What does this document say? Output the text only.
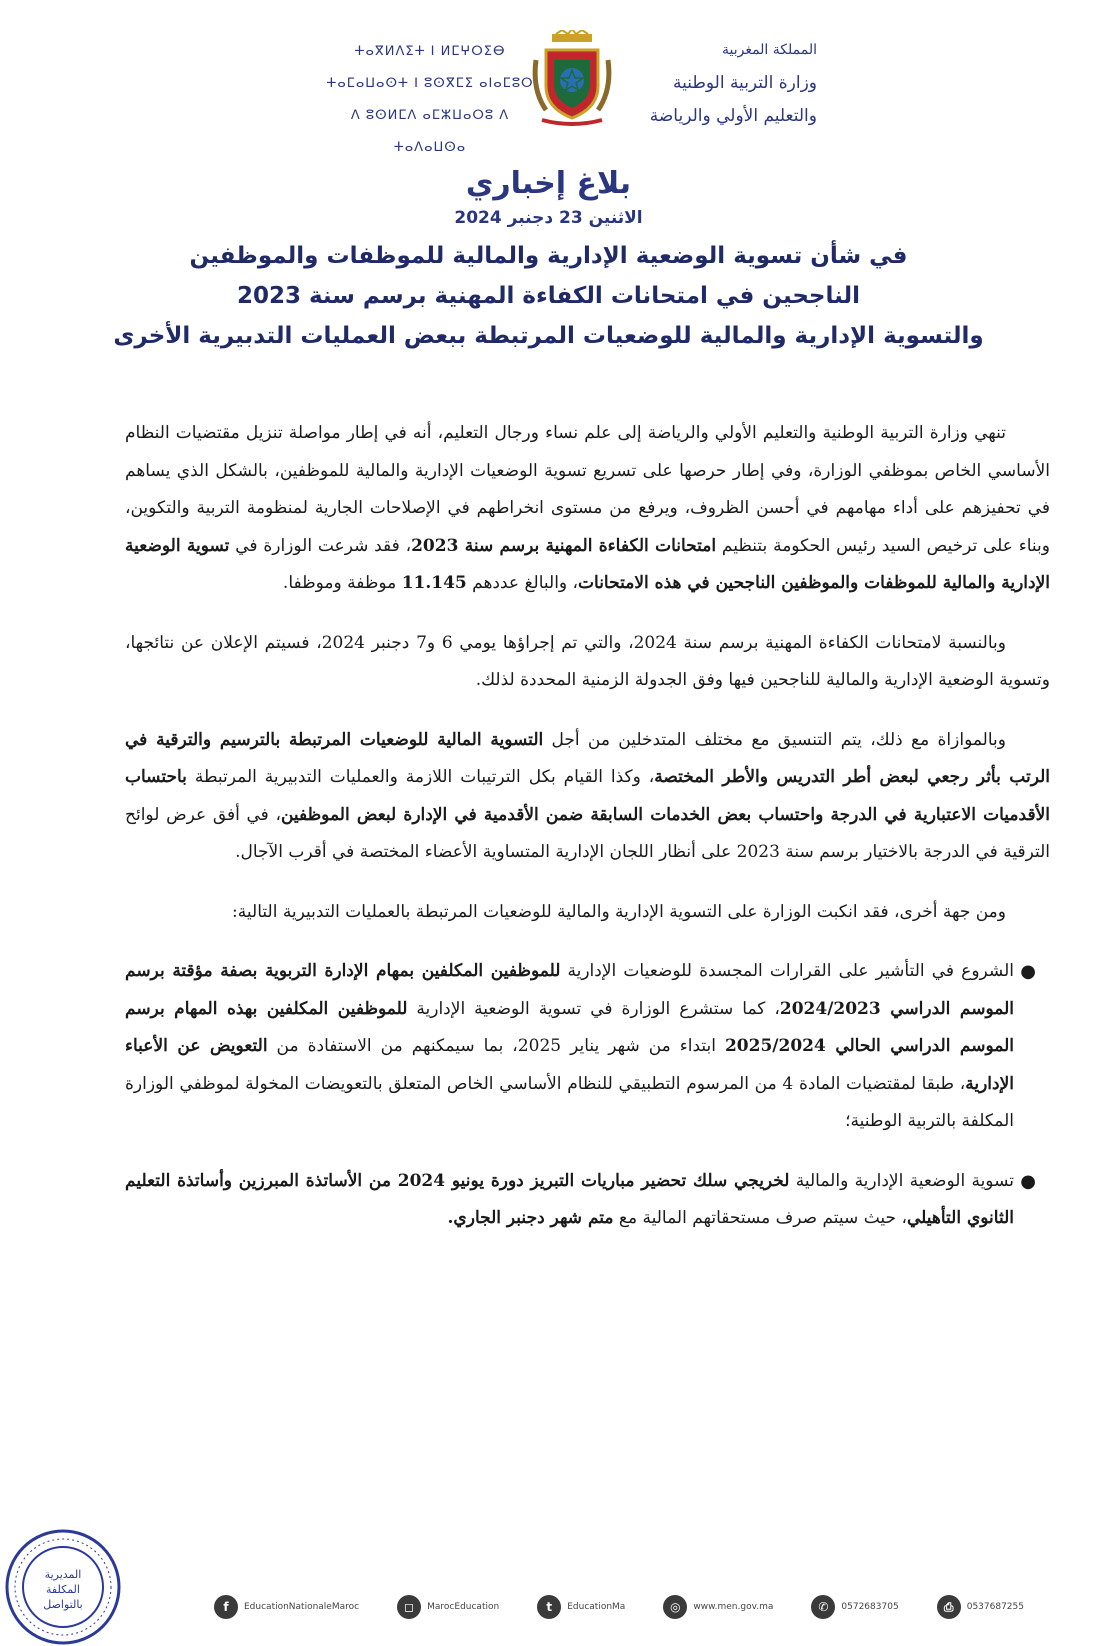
ⵜⴰⴳⵍⴷⵉⵜ ⵏ ⵍⵎⵖⵔⵉⴱ
ⵜⴰⵎⴰⵡⴰⵙⵜ ⵏ ⵓⵙⴳⵎⵉ ⴰⵏⴰⵎⵓⵔ
ⴷ ⵓⵙⵍⵎⴷ ⴰⵎⵣⵡⴰⵔⵓ ⴷ ⵜⴰⴷⴰⵡⵙⴰ
المملكة المغربية
وزارة التربية الوطنية
والتعليم الأولي والرياضة
بلاغ إخباري
الاثنين 23 دجنبر 2024
في شأن تسوية الوضعية الإدارية والمالية للموظفات والموظفين
الناجحين في امتحانات الكفاءة المهنية برسم سنة 2023
والتسوية الإدارية والمالية للوضعيات المرتبطة ببعض العمليات التدبيرية الأخرى

تنهي وزارة التربية الوطنية والتعليم الأولي والرياضة إلى علم نساء ورجال التعليم، أنه في إطار مواصلة تنزيل مقتضيات النظام الأساسي الخاص بموظفي الوزارة، وفي إطار حرصها على تسريع تسوية الوضعيات الإدارية والمالية للموظفين، بالشكل الذي يساهم في تحفيزهم على أداء مهامهم في أحسن الظروف، ويرفع من مستوى انخراطهم في الإصلاحات الجارية لمنظومة التربية والتكوين، وبناء على ترخيص السيد رئيس الحكومة بتنظيم امتحانات الكفاءة المهنية برسم سنة 2023، فقد شرعت الوزارة في تسوية الوضعية الإدارية والمالية للموظفات والموظفين الناجحين في هذه الامتحانات، والبالغ عددهم 11.145 موظفة وموظفا.

وبالنسبة لامتحانات الكفاءة المهنية برسم سنة 2024، والتي تم إجراؤها يومي 6 و7 دجنبر 2024، فسيتم الإعلان عن نتائجها، وتسوية الوضعية الإدارية والمالية للناجحين فيها وفق الجدولة الزمنية المحددة لذلك.

وبالموازاة مع ذلك، يتم التنسيق مع مختلف المتدخلين من أجل التسوية المالية للوضعيات المرتبطة بالترسيم والترقية في الرتب بأثر رجعي لبعض أطر التدريس والأطر المختصة، وكذا القيام بكل الترتيبات اللازمة والعمليات التدبيرية المرتبطة باحتساب الأقدميات الاعتبارية في الدرجة واحتساب بعض الخدمات السابقة ضمن الأقدمية في الإدارة لبعض الموظفين، في أفق عرض لوائح الترقية في الدرجة بالاختيار برسم سنة 2023 على أنظار اللجان الإدارية المتساوية الأعضاء المختصة في أقرب الآجال.

ومن جهة أخرى، فقد انكبت الوزارة على التسوية الإدارية والمالية للوضعيات المرتبطة بالعمليات التدبيرية التالية:

●
الشروع في التأشير على القرارات المجسدة للوضعيات الإدارية للموظفين المكلفين بمهام الإدارة التربوية بصفة مؤقتة برسم الموسم الدراسي 2024/2023، كما ستشرع الوزارة في تسوية الوضعية الإدارية للموظفين المكلفين بهذه المهام برسم الموسم الدراسي الحالي 2025/2024 ابتداء من شهر يناير 2025، بما سيمكنهم من الاستفادة من التعويض عن الأعباء الإدارية، طبقا لمقتضيات المادة 4 من المرسوم التطبيقي للنظام الأساسي الخاص المتعلق بالتعويضات المخولة لموظفي الوزارة المكلفة بالتربية الوطنية؛
●
تسوية الوضعية الإدارية والمالية لخريجي سلك تحضير مباريات التبريز دورة يونيو 2024 من الأساتذة المبرزين وأساتذة التعليم الثانوي التأهيلي، حيث سيتم صرف مستحقاتهم المالية مع متم شهر دجنبر الجاري.
المديرية
المكلفة
بالتواصل	f	EducationNationaleMaroc	◻	MarocEducation	t	EducationMa	◎	www.men.gov.ma	✆	0572683705	⎙	0537687255
